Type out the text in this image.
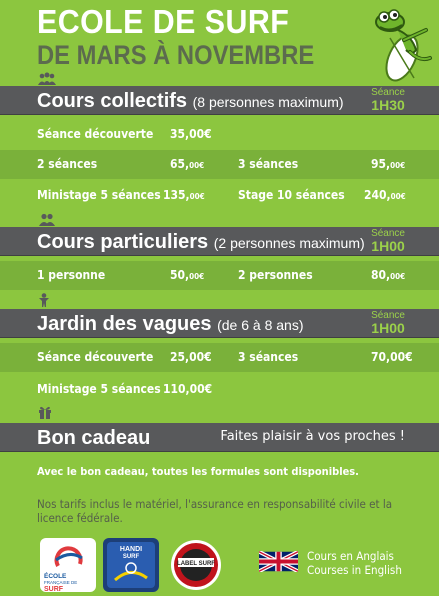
ECOLE DE SURF
DE MARS À NOVEMBRE
Cours collectifs (8 personnes maximum)
Séance
1H30
Séance découverte 35,00€
2 séances	65,00€	3 séances	95,00€
Ministage 5 séances 135,00€	Stage 10 séances 240,00€
Cours particuliers (2 personnes maximum)
Séance
1H00
1 personne	50,00€	2 personnes	80,00€
Jardin des vagues (de 6 à 8 ans)
Séance
1H00
Séance découverte 25,00€ 3 séances	70,00€
Ministage 5 séances 110,00€
Bon cadeau	Faites plaisir à vos proches !
Avec le bon cadeau, toutes les formules sont disponibles.
Nos tarifs inclus le matériel, l'assurance en responsabilité civile et la licence fédérale.
ÉCOLE
FRANÇAISE DE
SURF
HANDI
SURF
LABEL SURF
Cours en Anglais
Courses in English
